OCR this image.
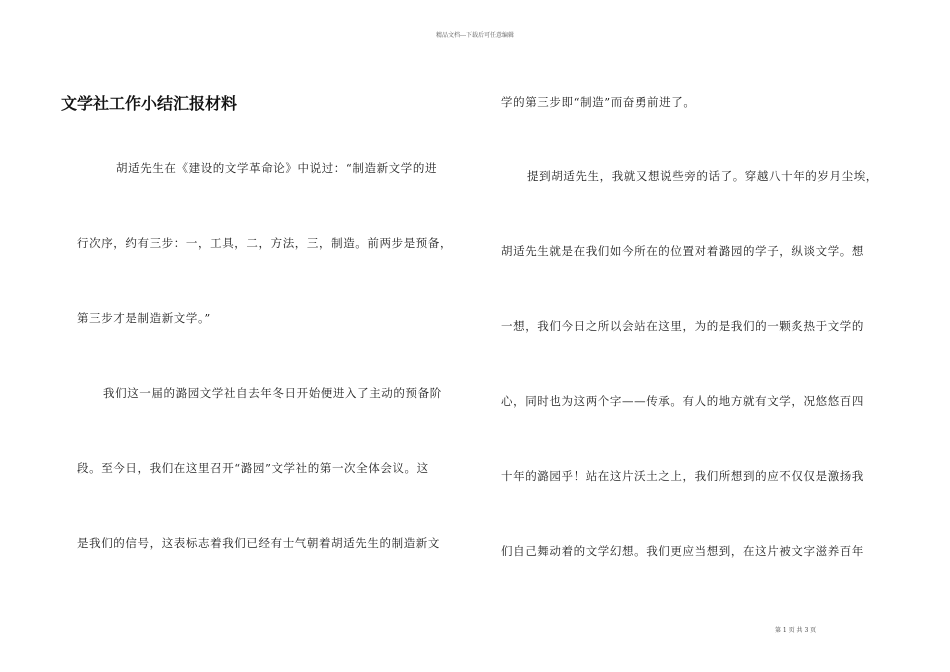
精品文档---下载后可任意编辑
文学社工作小结汇报材料
胡适先生在《建设的文学革命论》中说过：“制造新文学的进
行次序，约有三步：一，工具，二，方法，三，制造。前两步是预备，
第三步才是制造新文学。”
我们这一届的潞园文学社自去年冬日开始便进入了主动的预备阶
段。至今日，我们在这里召开“潞园”文学社的第一次全体会议。这
是我们的信号，这表标志着我们已经有士气朝着胡适先生的制造新文
学的第三步即“制造”而奋勇前进了。
提到胡适先生，我就又想说些旁的话了。穿越八十年的岁月尘埃，
胡适先生就是在我们如今所在的位置对着潞园的学子，纵谈文学。想
一想，我们今日之所以会站在这里，为的是我们的一颗炙热于文学的
心，同时也为这两个字——传承。有人的地方就有文学，况悠悠百四
十年的潞园乎！站在这片沃土之上，我们所想到的应不仅仅是激扬我
们自己舞动着的文学幻想。我们更应当想到，在这片被文字滋养百年
第 1 页 共 3 页
